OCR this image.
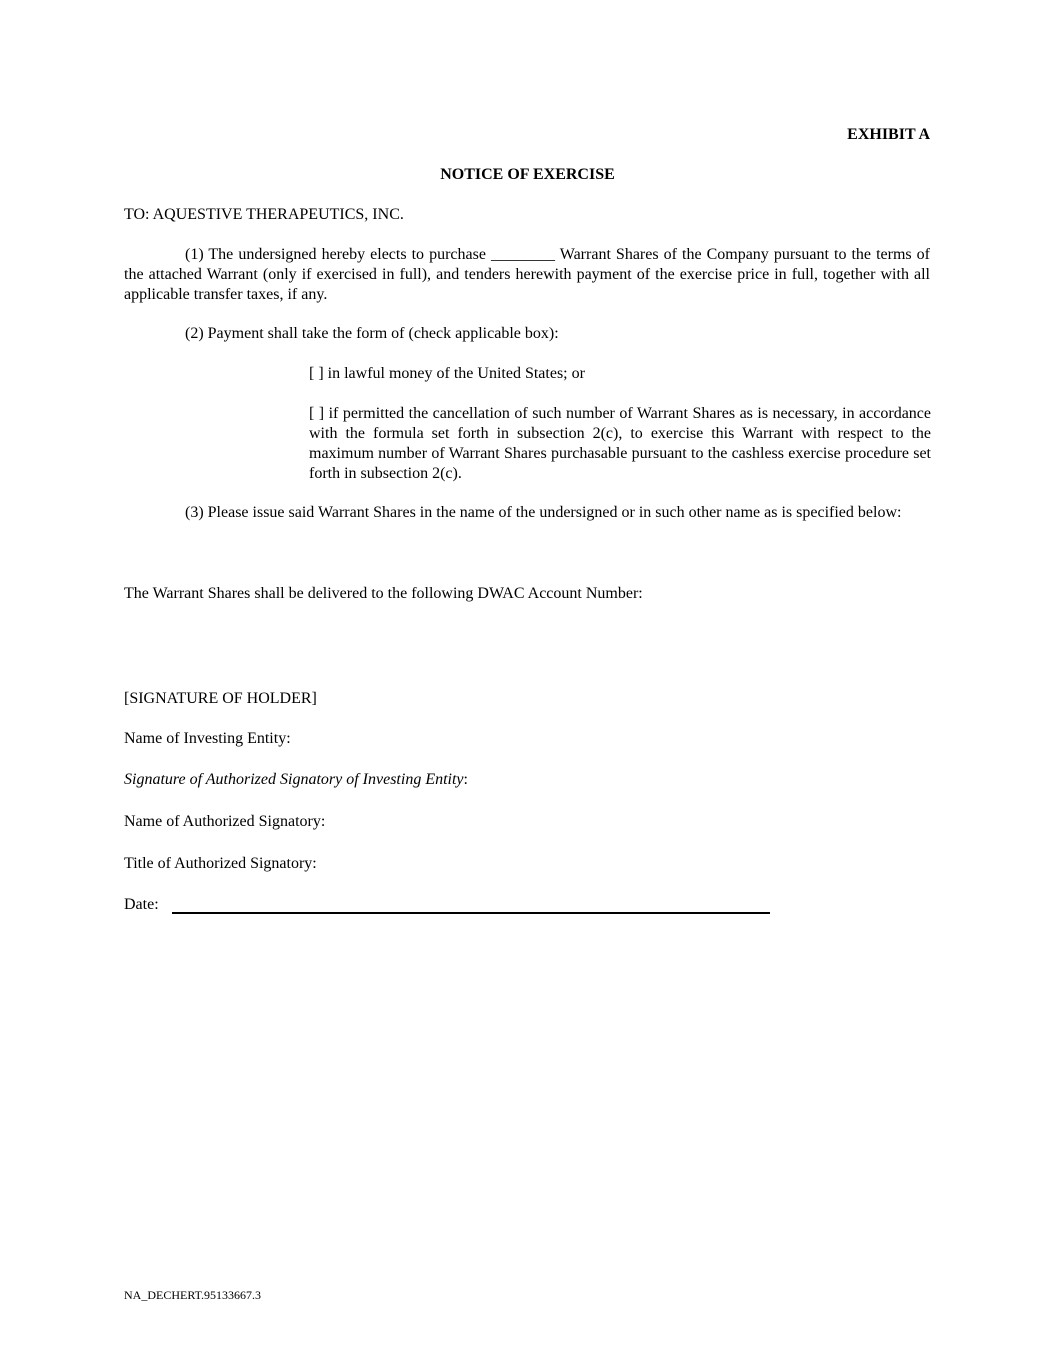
EXHIBIT A
NOTICE OF EXERCISE
TO: AQUESTIVE THERAPEUTICS, INC.
(1) The undersigned hereby elects to purchase ________ Warrant Shares of the Company pursuant to the terms of the attached Warrant (only if exercised in full), and tenders herewith payment of the exercise price in full, together with all applicable transfer taxes, if any.
(2) Payment shall take the form of (check applicable box):
[ ] in lawful money of the United States; or
[ ] if permitted the cancellation of such number of Warrant Shares as is necessary, in accordance with the formula set forth in subsection 2(c), to exercise this Warrant with respect to the maximum number of Warrant Shares purchasable pursuant to the cashless exercise procedure set forth in subsection 2(c).
(3) Please issue said Warrant Shares in the name of the undersigned or in such other name as is specified below:
The Warrant Shares shall be delivered to the following DWAC Account Number:
[SIGNATURE OF HOLDER]
Name of Investing Entity:
Signature of Authorized Signatory of Investing Entity:
Name of Authorized Signatory:
Title of Authorized Signatory:
Date:
NA_DECHERT.95133667.3
